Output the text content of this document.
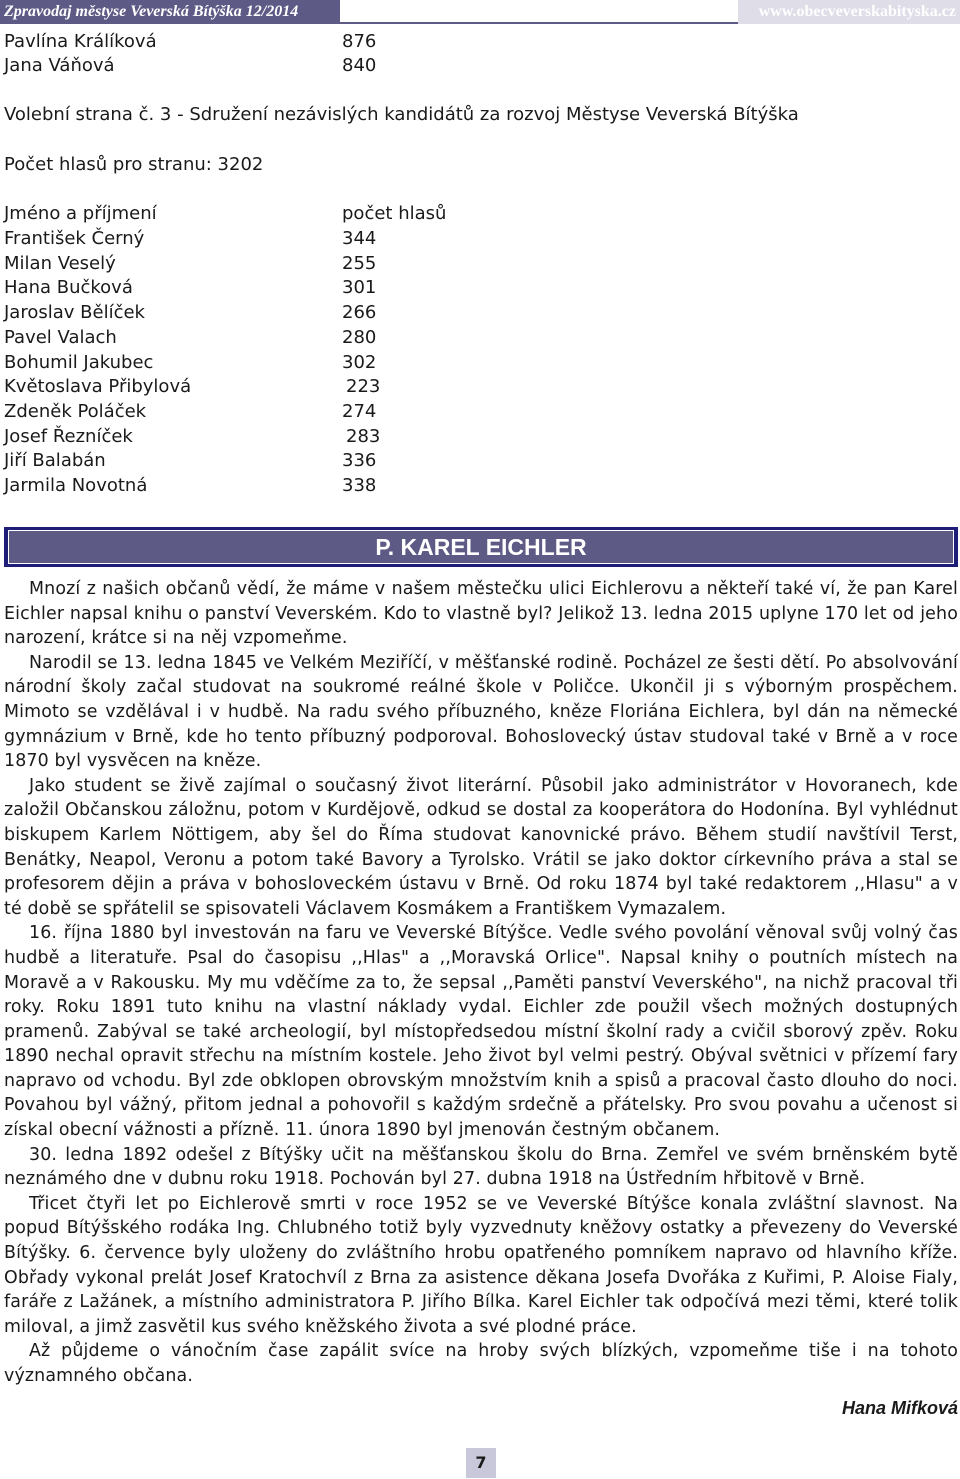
Zpravodaj městyse Veverská Bítýška 12/2014	www.obecveverskabityska.cz
Pavlína Králíková	876
Jana Váňová	840
Volební strana č. 3 - Sdružení nezávislých kandidátů za rozvoj Městyse Veverská Bítýška
Počet hlasů pro stranu: 3202
Jméno a příjmení	počet hlasů
František Černý	344
Milan Veselý	255
Hana Bučková	301
Jaroslav Bělíček	266
Pavel Valach	280
Bohumil Jakubec	302
Květoslava Přibylová	223
Zdeněk Poláček	274
Josef Řezníček	283
Jiří Balabán	336
Jarmila Novotná	338
P. KAREL EICHLER

Mnozí z našich občanů vědí, že máme v našem městečku ulici Eichlerovu a někteří také ví, že pan Karel Eichler napsal knihu o panství Veverském. Kdo to vlastně byl? Jelikož 13. ledna 2015 uplyne 170 let od jeho narození, krátce si na něj vzpomeňme.

Narodil se 13. ledna 1845 ve Velkém Meziříčí, v měšťanské rodině. Pocházel ze šesti dětí. Po absolvování národní školy začal studovat na soukromé reálné škole v Poličce. Ukončil ji s výborným prospěchem. Mimoto se vzdělával i v hudbě. Na radu svého příbuzného, kněze Floriána Eichlera, byl dán na německé gymnázium v Brně, kde ho tento příbuzný podporoval. Bohoslovecký ústav studoval také v Brně a v roce 1870 byl vysvěcen na kněze.

Jako student se živě zajímal o současný život literární. Působil jako administrátor v Hovoranech, kde založil Občanskou záložnu, potom v Kurdějově, odkud se dostal za kooperátora do Hodonína. Byl vyhlédnut biskupem Karlem Nöttigem, aby šel do Říma studovat kanovnické právo. Během studií navštívil Terst, Benátky, Neapol, Veronu a potom také Bavory a Tyrolsko. Vrátil se jako doktor církevního práva a stal se profesorem dějin a práva v bohosloveckém ústavu v Brně. Od roku 1874 byl také redaktorem ,,Hlasu" a v té době se spřátelil se spisovateli Václavem Kosmákem a Františkem Vymazalem.

16. října 1880 byl investován na faru ve Veverské Bítýšce. Vedle svého povolání věnoval svůj volný čas hudbě a literatuře. Psal do časopisu ,,Hlas" a ,,Moravská Orlice". Napsal knihy o poutních místech na Moravě a v Rakousku. My mu vděčíme za to, že sepsal ,,Paměti panství Veverského", na nichž pracoval tři roky. Roku 1891 tuto knihu na vlastní náklady vydal. Eichler zde použil všech možných dostupných pramenů. Zabýval se také archeologií, byl místopředsedou místní školní rady a cvičil sborový zpěv. Roku 1890 nechal opravit střechu na místním kostele. Jeho život byl velmi pestrý. Obýval světnici v přízemí fary napravo od vchodu. Byl zde obklopen obrovským množstvím knih a spisů a pracoval často dlouho do noci. Povahou byl vážný, přitom jednal a pohovořil s každým srdečně a přátelsky. Pro svou povahu a učenost si získal obecní vážnosti a přízně. 11. února 1890 byl jmenován čestným občanem.

30. ledna 1892 odešel z Bítýšky učit na měšťanskou školu do Brna. Zemřel ve svém brněnském bytě neznámého dne v dubnu roku 1918. Pochován byl 27. dubna 1918 na Ústředním hřbitově v Brně.

Třicet čtyři let po Eichlerově smrti v roce 1952 se ve Veverské Bítýšce konala zvláštní slavnost. Na popud Bítýšského rodáka Ing. Chlubného totiž byly vyzvednuty kněžovy ostatky a převezeny do Veverské Bítýšky. 6. července byly uloženy do zvláštního hrobu opatřeného pomníkem napravo od hlavního kříže. Obřady vykonal prelát Josef Kratochvíl z Brna za asistence děkana Josefa Dvořáka z Kuřimi, P. Aloise Fialy, faráře z Lažánek, a místního administratora P. Jiřího Bílka. Karel Eichler tak odpočívá mezi těmi, které tolik miloval, a jimž zasvětil kus svého kněžského života a své plodné práce.

Až půjdeme o vánočním čase zapálit svíce na hroby svých blízkých, vzpomeňme tiše i na tohoto významného občana.

Hana Mifková
7
